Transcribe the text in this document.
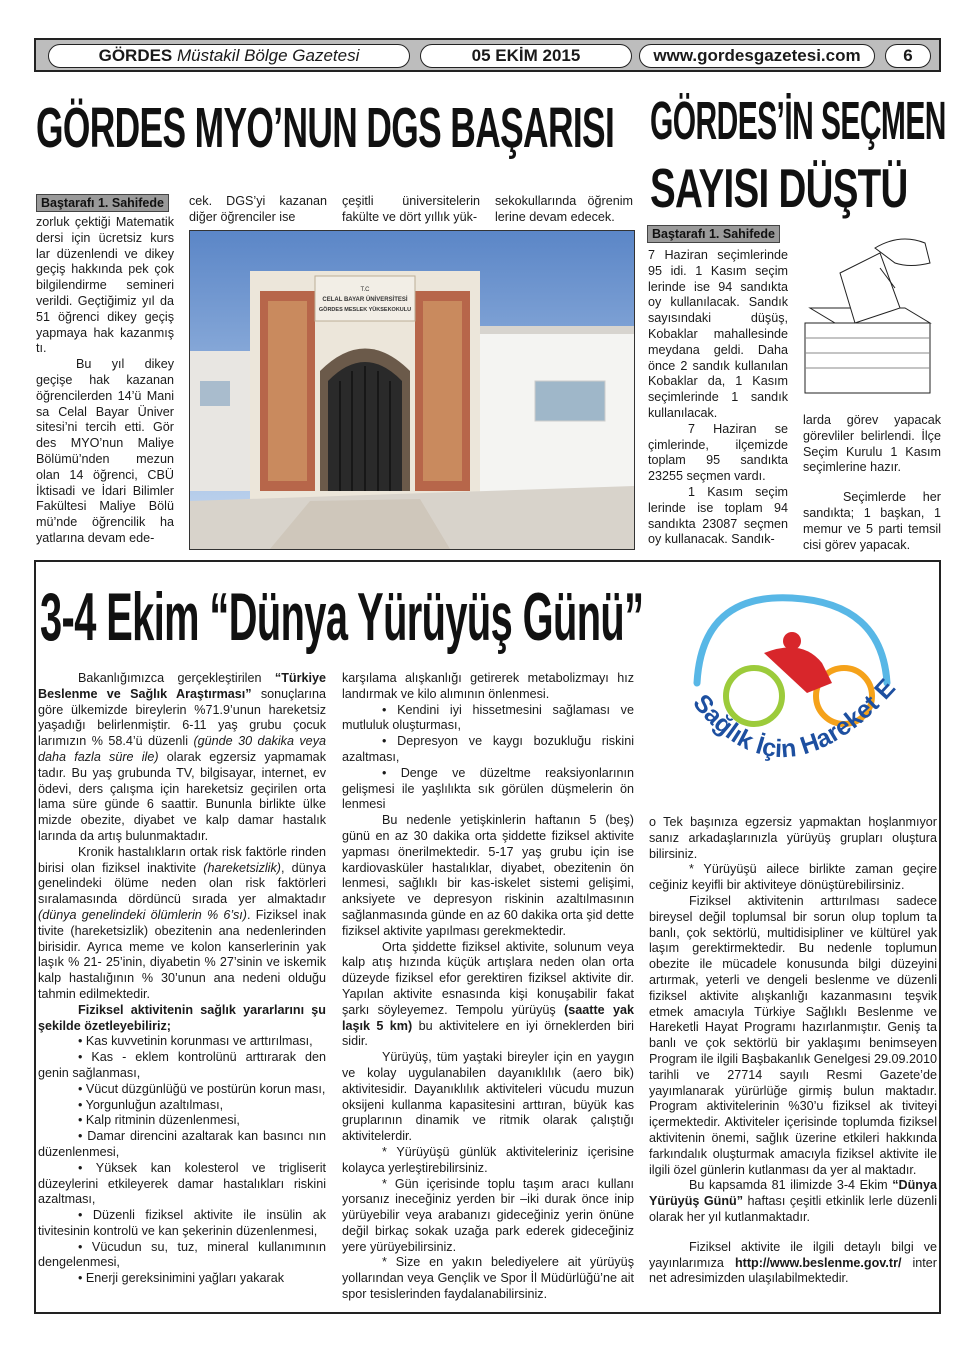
GÖRDES Müstakil Bölge Gazetesi	05 EKİM 2015	www.gordesgazetesi.com	6
GÖRDES MYO’NUN DGS BAŞARISI
Baştarafı 1. Sahifede

zorluk çektiği Matematik dersi için ücretsiz kurs lar düzenlendi ve dikey geçiş hakkında pek çok bilgilendirme semineri verildi. Geçtiğimiz yıl da 51 öğrenci dikey geçiş yapmaya hak kazanmış tı.

Bu yıl dikey geçişe hak kazanan öğrencilerden 14’ü Mani sa Celal Bayar Üniver sitesi’ni tercih etti. Gör des MYO’nun Maliye Bölümü’nden mezun olan 14 öğrenci, CBÜ İktisadi ve İdari Bilimler Fakültesi Maliye Bölü mü’nde öğrencilik ha yatlarına devam ede-

cek. DGS’yi kazanan diğer öğrenciler ise
çeşitli üniversitelerin fakülte ve dört yıllık yük-
sekokullarında öğrenim lerine devam edecek.
T.C
CELAL BAYAR ÜNİVERSİTESİ
GÖRDES MESLEK YÜKSEKOKULU
GÖRDES’İN SEÇMEN
SAYISI DÜŞTÜ
Baştarafı 1. Sahifede

7 Haziran seçimlerinde 95 idi. 1 Kasım seçim lerinde ise 94 sandıkta oy kullanılacak. Sandık sayısındaki düşüş, Kobaklar mahallesinde meydana geldi. Daha önce 2 sandık kullanılan Kobaklar da, 1 Kasım seçimlerinde 1 sandık kullanılacak.

7 Haziran se çimlerinde, ilçemizde toplam 95 sandıkta 23255 seçmen vardı.

1 Kasım seçim lerinde ise toplam 94 sandıkta 23087 seçmen oy kullanacak. Sandık-

larda görev yapacak görevliler belirlendi. İlçe Seçim Kurulu 1 Kasım seçimlerine hazır.

Seçimlerde her sandıkta; 1 başkan, 1 memur ve 5 parti temsil cisi görev yapacak.

3-4 Ekim “Dünya Yürüyüş Günü”
Sağlık İçin Hareket E

Bakanlığımızca gerçekleştirilen “Türkiye Beslenme ve Sağlık Araştırması” sonuçlarına göre ülkemizde bireylerin %71.9’unun hareketsiz yaşadığı belirlenmiştir. 6-11 yaş grubu çocuk larımızın % 58.4’ü düzenli (günde 30 dakika veya daha fazla süre ile) olarak egzersiz yapmamak tadır. Bu yaş grubunda TV, bilgisayar, internet, ev ödevi, ders çalışma için hareketsiz geçirilen orta lama süre günde 6 saattir. Bununla birlikte ülke mizde obezite, diyabet ve kalp damar hastalık larında da artış bulunmaktadır.

Kronik hastalıkların ortak risk faktörle rinden birisi olan fiziksel inaktivite (hareketsizlik), dünya genelindeki ölüme neden olan risk faktörleri sıralamasında dördüncü sırada yer almaktadır (dünya genelindeki ölümlerin % 6’sı). Fiziksel inak tivite (hareketsizlik) obezitenin ana nedenlerinden birisidir. Ayrıca meme ve kolon kanserlerinin yak laşık % 21- 25’inin, diyabetin % 27’sinin ve iskemik kalp hastalığının % 30’unun ana nedeni olduğu tahmin edilmektedir.

Fiziksel aktivitenin sağlık yararlarını şu şekilde özetleyebiliriz;

• Kas kuvvetinin korunması ve arttırılması,

• Kas - eklem kontrolünü arttırarak den genin sağlanması,

• Vücut düzgünlüğü ve postürün korun ması,

• Yorgunluğun azaltılması,

• Kalp ritminin düzenlenmesi,

• Damar direncini azaltarak kan basıncı nın düzenlenmesi,

• Yüksek kan kolesterol ve trigliserit düzeylerini etkileyerek damar hastalıkları riskini azaltması,

• Düzenli fiziksel aktivite ile insülin ak tivitesinin kontrolü ve kan şekerinin düzenlenmesi,

• Vücudun su, tuz, mineral kullanımının dengelenmesi,

• Enerji gereksinimini yağları yakarak

karşılama alışkanlığı getirerek metabolizmayı hız landırmak ve kilo alımının önlenmesi.

• Kendini iyi hissetmesini sağlaması ve mutluluk oluşturması,

• Depresyon ve kaygı bozukluğu riskini azaltması,

• Denge ve düzeltme reaksiyonlarının gelişmesi ile yaşlılıkta sık görülen düşmelerin ön lenmesi

Bu nedenle yetişkinlerin haftanın 5 (beş) günü en az 30 dakika orta şiddette fiziksel aktivite yapması önerilmektedir. 5-17 yaş grubu için ise kardiovasküler hastalıklar, diyabet, obezitenin ön lenmesi, sağlıklı bir kas-iskelet sistemi gelişimi, anksiyete ve depresyon riskinin azaltılmasının sağlanmasında günde en az 60 dakika orta şid dette fiziksel aktivite yapılması gerekmektedir.

Orta şiddette fiziksel aktivite, solunum veya kalp atış hızında küçük artışlara neden olan orta düzeyde fiziksel efor gerektiren fiziksel aktivite dir. Yapılan aktivite esnasında kişi konuşabilir fakat şarkı söyleyemez. Tempolu yürüyüş (saatte yak laşık 5 km) bu aktivitelere en iyi örneklerden biri sidir.

Yürüyüş, tüm yaştaki bireyler için en yaygın ve kolay uygulanabilen dayanıklılık (aero bik) aktivitesidir. Dayanıklılık aktiviteleri vücudu muzun oksijeni kullanma kapasitesini arttıran, büyük kas gruplarının dinamik ve ritmik olarak çalıştığı aktivitelerdir.

* Yürüyüşü günlük aktiviteleriniz içerisine kolayca yerleştirebilirsiniz.

* Gün içerisinde toplu taşım aracı kullanı yorsanız ineceğiniz yerden bir –iki durak önce inip yürüyebilir veya arabanızı gideceğiniz yerin önüne değil birkaç sokak uzağa park ederek gideceğiniz yere yürüyebilirsiniz.

* Size en yakın belediyelere ait yürüyüş yollarından veya Gençlik ve Spor İl Müdürlüğü’ne ait spor tesislerinden faydalanabilirsiniz.

o Tek başınıza egzersiz yapmaktan hoşlanmıyor sanız arkadaşlarınızla yürüyüş grupları oluştura bilirsiniz.

* Yürüyüşü ailece birlikte zaman geçire ceğiniz keyifli bir aktiviteye dönüştürebilirsiniz.

Fiziksel aktivitenin arttırılması sadece bireysel değil toplumsal bir sorun olup toplum ta banlı, çok sektörlü, multidisipliner ve kültürel yak laşım gerektirmektedir. Bu nedenle toplumun obezite ile mücadele konusunda bilgi düzeyini artırmak, yeterli ve dengeli beslenme ve düzenli fiziksel aktivite alışkanlığı kazanmasını teşvik etmek amacıyla Türkiye Sağlıklı Beslenme ve Hareketli Hayat Programı hazırlanmıştır. Geniş ta banlı ve çok sektörlü bir yaklaşımı benimseyen Program ile ilgili Başbakanlık Genelgesi 29.09.2010 tarihli ve 27714 sayılı Resmi Gazete’de yayımlanarak yürürlüğe girmiş bulun maktadır. Program aktivitelerinin %30’u fiziksel ak tiviteyi içermektedir. Aktiviteler içerisinde toplumda fiziksel aktivitenin önemi, sağlık üzerine etkileri hakkında farkındalık oluşturmak amacıyla fiziksel aktivite ile ilgili özel günlerin kutlanması da yer al maktadır.

Bu kapsamda 81 ilimizde 3-4 Ekim “Dünya Yürüyüş Günü” haftası çeşitli etkinlik lerle düzenli olarak her yıl kutlanmaktadır.

Fiziksel aktivite ile ilgili detaylı bilgi ve yayınlarımıza http://www.beslenme.gov.tr/ inter net adresimizden ulaşılabilmektedir.
